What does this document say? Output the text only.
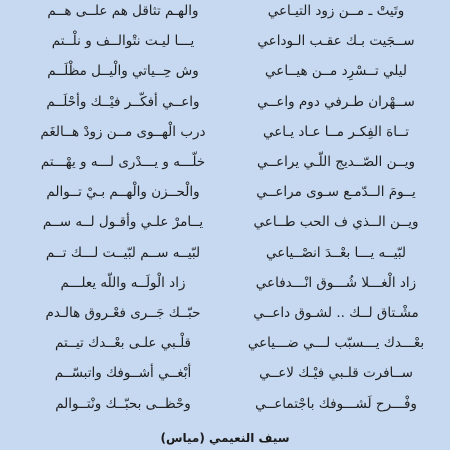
وتَيتْ ـ مــن زود التيـاعي
والهـم تثاقل هم علــى هــم
ســجَيت بـك عقـب الـوداعي
يـــا ليـت نتْوالــف و نلْــتم
ليلي تــسْرِد مــن هيــاعي
وش حِــياتي والْيــل مظْلَــم
ســهْران طـرفي دوم واعــي
واعــي أفكّــر فيْــك وأحْلَــم
تــاهَ الفِكـر مــا عـاد يـاعي
درب الْهــوى مــن زودْ هــالغَم
ويــن الصّــديج اللّـي يراعــي
خلّـــه و يـــدْرى لـــه و يهْـــتم
يــومَ الــدّمـع سـوى مراعــي
والْحــزن والْهــم بـيْ تــوالم
ويــن الــذي ف الحب طــاعي
يــامرْ علـي وأقـول لــه ســم
لبّيــه يـــا بعْــدَ انصْــياعي
لبّيــه ســم لبّيــت لـــك تــم
زاد الْغـــلا شُـــوق انْـــدفاعي
زاد الْولَــه واللّه يعلـــم
مشْـتاق لــك .. لشـوق داعــي
حبّــك جَــرى فعْـروق هالـدم
بعْـــدك يـــسبّب لـــي ضـــياعي
قلْـبي علـى بعْــدك تيــتم
ســافرت قلـبي فيْـك لاعــي
أبْغــي أشــوفك واتبسّــم
وفْـــرح لَشـــوفك باجْتماعــي
وحْظــى بحبّــك ونْتــوالم
سيف النعيمي (مياس)
